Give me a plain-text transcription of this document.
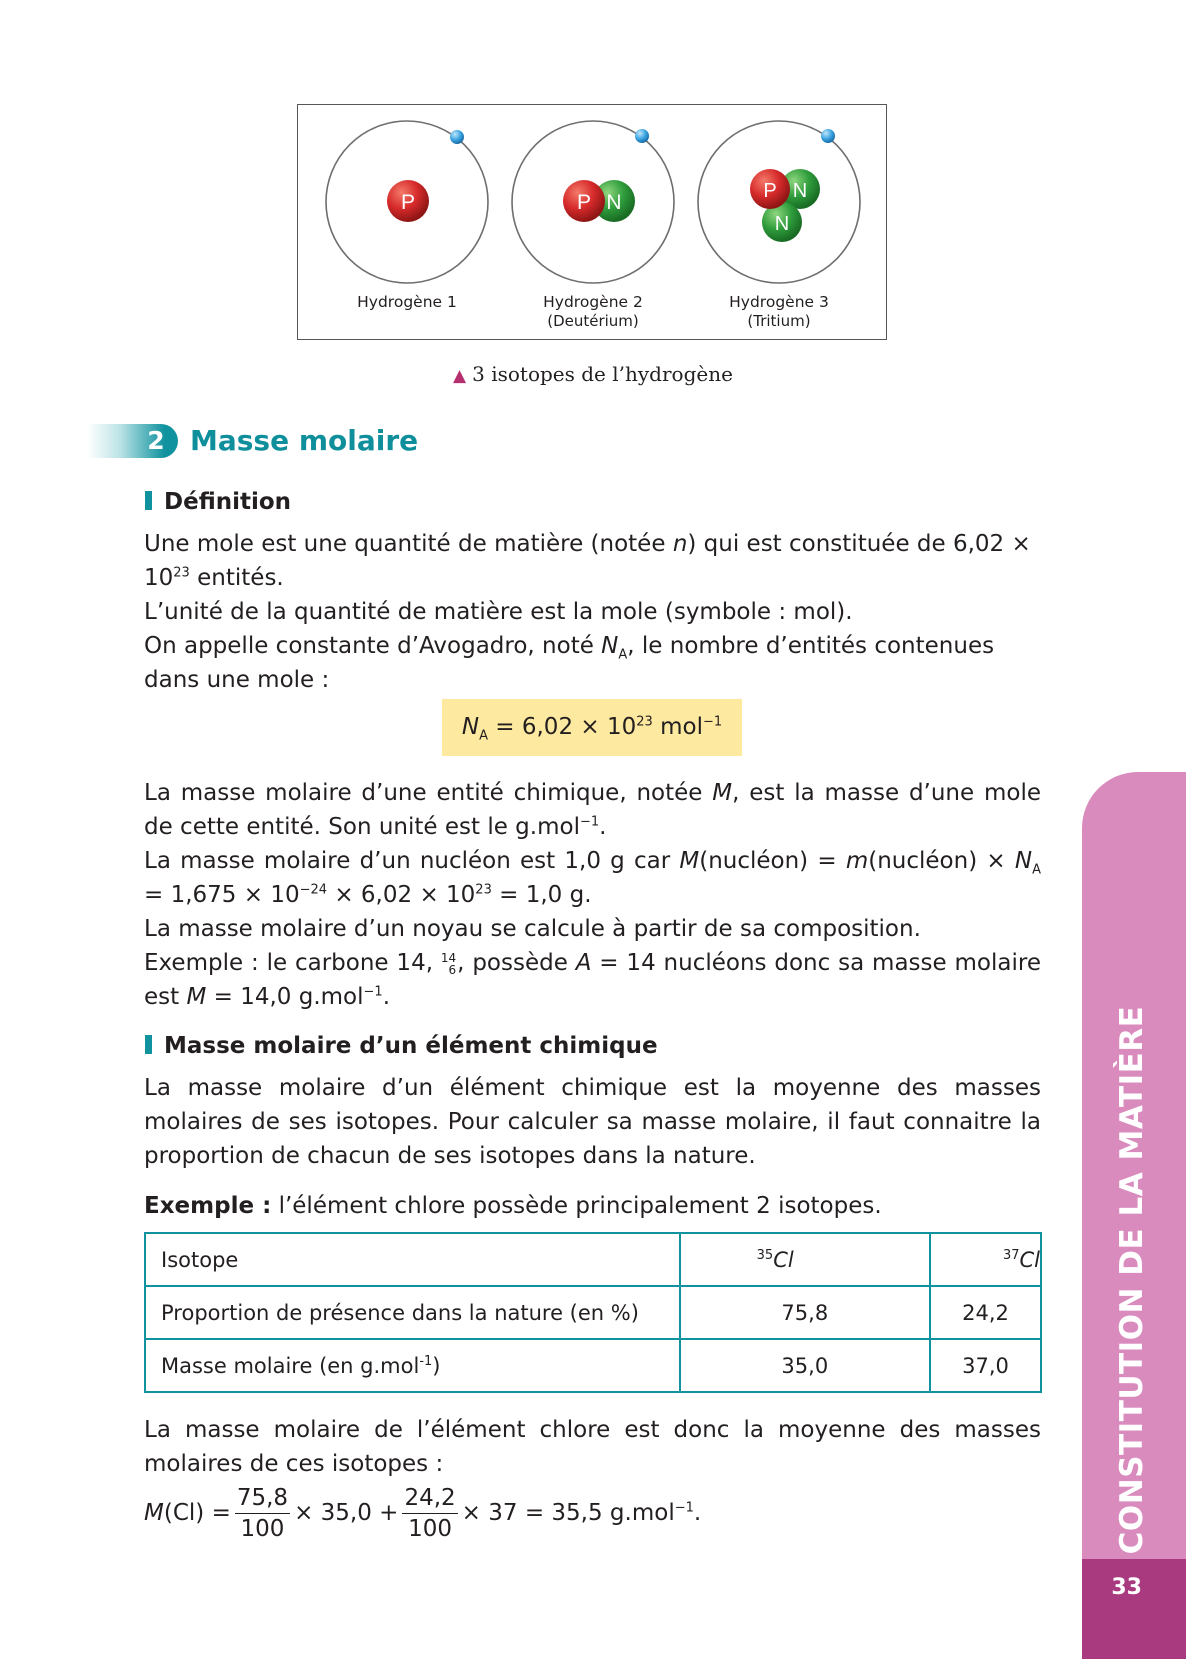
P	N
P	N
N
P
Hydrogène 1	Hydrogène 2
(Deutérium)
Hydrogène 3
(Tritium)
▲ 3 isotopes de l’hydrogène
2 Masse molaire
Définition

Une mole est une quantité de matière (notée n) qui est constituée de $6,02 \times 10^{23}$ entités.

L’unité de la quantité de matière est la mole (symbole : mol).

On appelle constante d’Avogadro, noté $N_A$, le nombre d’entités contenues dans une mole :

$N_A = 6,02 \times 10^{23}$ mol$^{-1}$

La masse molaire d’une entité chimique, notée M, est la masse d’une mole de cette entité. Son unité est le g.mol$^{-1}$.

La masse molaire d’un nucléon est 1,0 g car M(nucléon) = m(nucléon) × $N_A = 1,675 \times 10^{-24} \times 6,02 \times 10^{23} = 1,0$ g.

La masse molaire d’un noyau se calcule à partir de sa composition.

Exemple : le carbone 14, 14
6 , possède A = 14 nucléons donc sa masse molaire est M = 14,0 g.mol$^{-1}$.

Masse molaire d’un élément chimique
La masse molaire d’un élément chimique est la moyenne des masses molaires de ses isotopes. Pour calculer sa masse molaire, il faut connaitre la proportion de chacun de ses isotopes dans la nature.
Exemple : l’élément chlore possède principalement 2 isotopes.
Isotope	$^{35}$Cl	$^{37}$Cl
Proportion de présence dans la nature (en %)	75,8	24,2
Masse molaire (en g.mol$^{-1}$)	35,0	37,0
La masse molaire de l’élément chlore est donc la moyenne des masses molaires de ces isotopes :
$M(Cl) = \frac{75,8}{100} \times 35,0 + \frac{24,2}{100} \times 37 = 35,5$ g.mol$^{-1}$.	CONSTITUTION DE LA MATIÈRE
33
